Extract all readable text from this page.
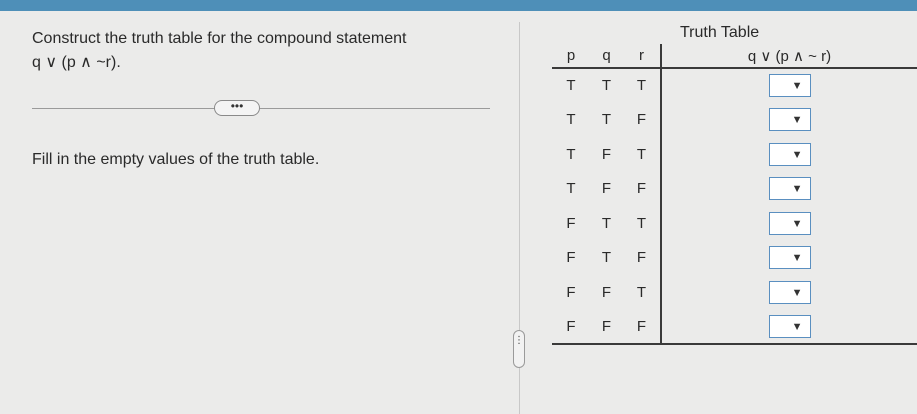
Construct the truth table for the compound statement
q ∨ (p ∧ ~r).
•••
Fill in the empty values of the truth table.
⋮
Truth Table
p	q	r	q ∨ (p ∧ ~ r)
T	T	T	▼

T	T	F	▼

T	F	T	▼

T	F	F	▼

F	T	T	▼

F	T	F	▼

F	F	T	▼

F	F	F	▼
